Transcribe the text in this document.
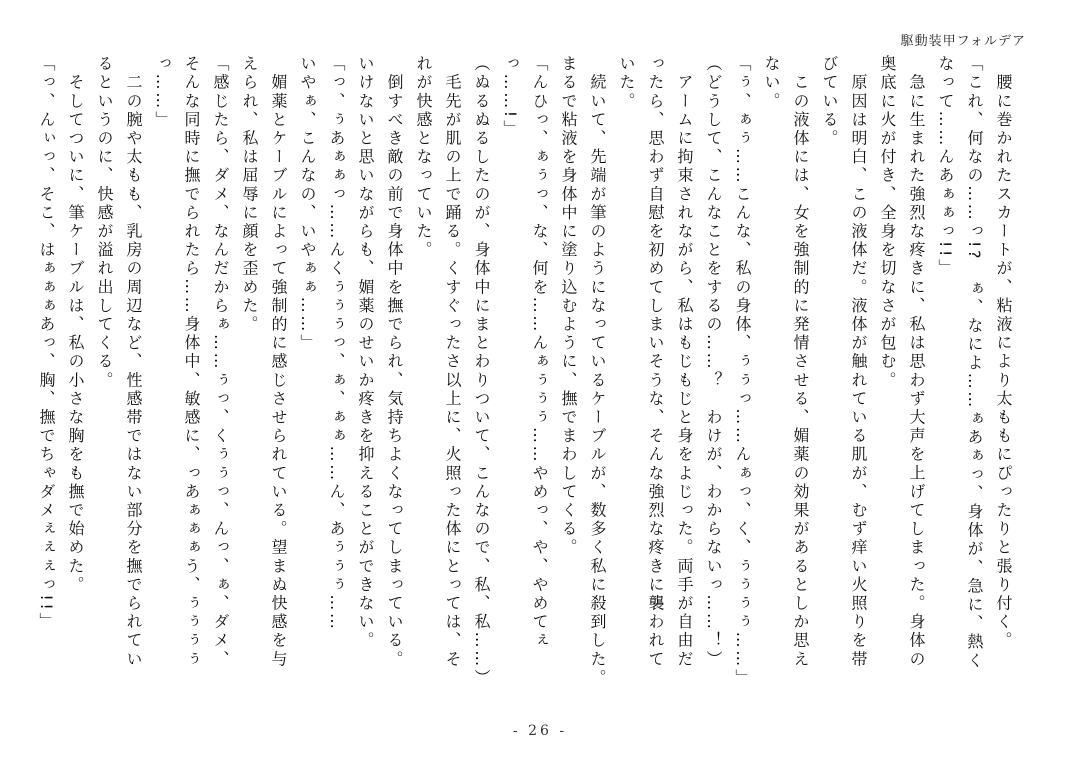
駆動装甲フォルデア

　腰に巻かれたスカートが、粘液により太ももにぴったりと張り付く。

「これ、何なの……っ!?　ぁ、なによ……ぁあぁっ、身体が、急に、熱く

なって……んあぁぁっ!!」

　急に生まれた強烈な疼きに、私は思わず大声を上げてしまった。身体の

奥底に火が付き、全身を切なさが包む。

　原因は明白、この液体だ。液体が触れている肌が、むず痒い火照りを帯

びている。

　この液体には、女を強制的に発情させる、媚薬の効果があるとしか思え

ない。

「ぅ、ぁぅ……こんな、私の身体、ぅぅっ……んぁっ、く、ぅぅぅぅ……」

（どうして、こんなことをするの……？　わけが、わからないっ……！）

　アームに拘束されながら、私はもじもじと身をよじった。両手が自由だ

ったら、思わず自慰を初めてしまいそうな、そんな強烈な疼きに襲われて

いた。

　続いて、先端が筆のようになっているケーブルが、数多く私に殺到した。

まるで粘液を身体中に塗り込むように、撫でまわしてくる。

「んひっ、ぁぅっ、な、何を……んぁぅぅぅ……やめっ、や、やめてぇ

っ……!」

（ぬるぬるしたのが、身体中にまとわりついて、こんなので、私、私……）

　毛先が肌の上で踊る。くすぐったさ以上に、火照った体にとっては、そ

れが快感となっていた。

　倒すべき敵の前で身体中を撫でられ、気持ちよくなってしまっている。

いけないと思いながらも、媚薬のせいか疼きを抑えることができない。

「っ、ぅあぁぁっ……んくぅぅぅっ、ぁ、ぁぁ……ん、あぅぅぅ……

いやぁ、こんなの、いやぁぁ……」

　媚薬とケーブルによって強制的に感じさせられている。望まぬ快感を与

えられ、私は屈辱に顔を歪めた。

「感じたら、ダメ、なんだからぁ……ぅっ、くぅぅっ、んっ、ぁ、ダメ、

そんな同時に撫でられたら……身体中、敏感に、っあぁぁぁう、ぅぅぅぅ

っ……」

　二の腕や太もも、乳房の周辺など、性感帯ではない部分を撫でられてい

るというのに、快感が溢れ出してくる。

　そしてついに、筆ケーブルは、私の小さな胸をも撫で始めた。

「っ、んぃっ、そこ、はぁぁぁあっ、胸、撫でちゃダメぇぇぇっ!!」

- 26 -
